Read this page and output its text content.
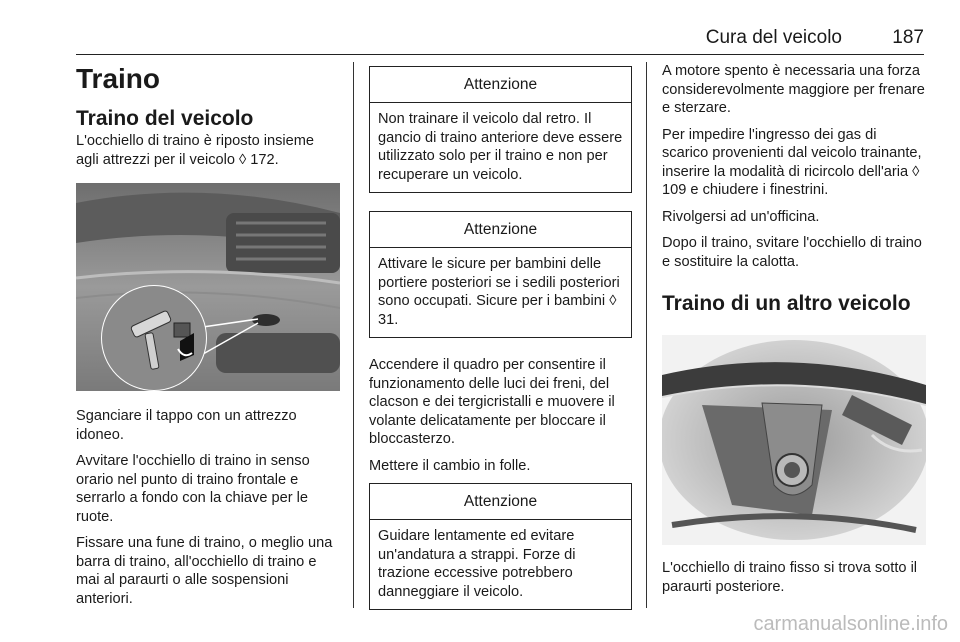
Cura del veicolo	187
Traino
Traino del veicolo

L'occhiello di traino è riposto insieme agli attrezzi per il veicolo ◊ 172.

Sganciare il tappo con un attrezzo idoneo.

Avvitare l'occhiello di traino in senso orario nel punto di traino frontale e serrarlo a fondo con la chiave per le ruote.

Fissare una fune di traino, o meglio una barra di traino, all'occhiello di traino e mai al paraurti o alle sospensioni anteriori.

Attenzione
Non trainare il veicolo dal retro. Il gancio di traino anteriore deve essere utilizzato solo per il traino e non per recuperare un veicolo.
Attenzione
Attivare le sicure per bambini delle portiere posteriori se i sedili posteriori sono occupati. Sicure per i bambini ◊ 31.

Accendere il quadro per consentire il funzionamento delle luci dei freni, del clacson e dei tergicristalli e muovere il volante delicatamente per bloccare il bloccasterzo.

Mettere il cambio in folle.

Attenzione
Guidare lentamente ed evitare un'andatura a strappi. Forze di trazione eccessive potrebbero danneggiare il veicolo.

A motore spento è necessaria una forza considerevolmente maggiore per frenare e sterzare.

Per impedire l'ingresso dei gas di scarico provenienti dal veicolo trainante, inserire la modalità di ricircolo dell'aria ◊ 109 e chiudere i finestrini.

Rivolgersi ad un'officina.

Dopo il traino, svitare l'occhiello di traino e sostituire la calotta.

Traino di un altro veicolo

L'occhiello di traino fisso si trova sotto il paraurti posteriore.

carmanualsonline.info
